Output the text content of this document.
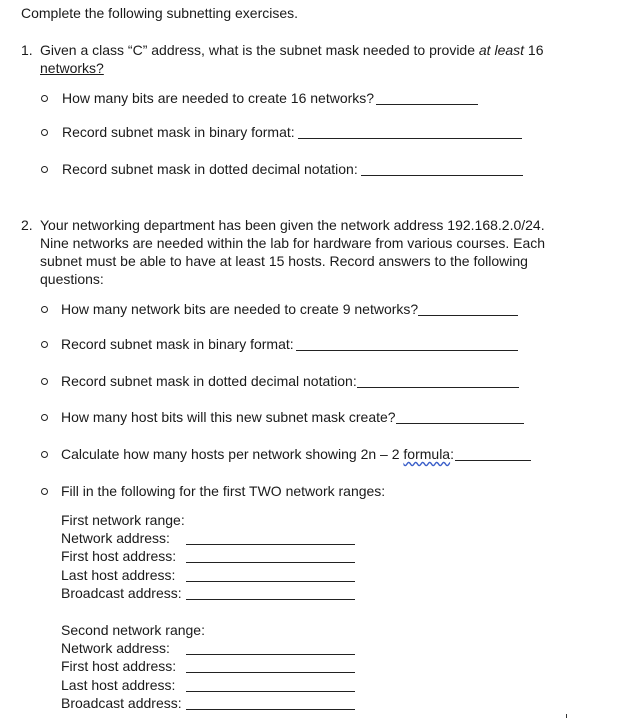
Complete the following subnetting exercises.
1. Given a class “C” address, what is the subnet mask needed to provide at least 16
networks?
How many bits are needed to create 16 networks?
Record subnet mask in binary format:
Record subnet mask in dotted decimal notation:
2. Your networking department has been given the network address 192.168.2.0/24.
Nine networks are needed within the lab for hardware from various courses. Each
subnet must be able to have at least 15 hosts. Record answers to the following
questions:
How many network bits are needed to create 9 networks?
Record subnet mask in binary format:
Record subnet mask in dotted decimal notation:
How many host bits will this new subnet mask create?
Calculate how many hosts per network showing 2n – 2 formula:
Fill in the following for the first TWO network ranges:
First network range:
Network address:
First host address:
Last host address:
Broadcast address:
Second network range:
Network address:
First host address:
Last host address:
Broadcast address:
